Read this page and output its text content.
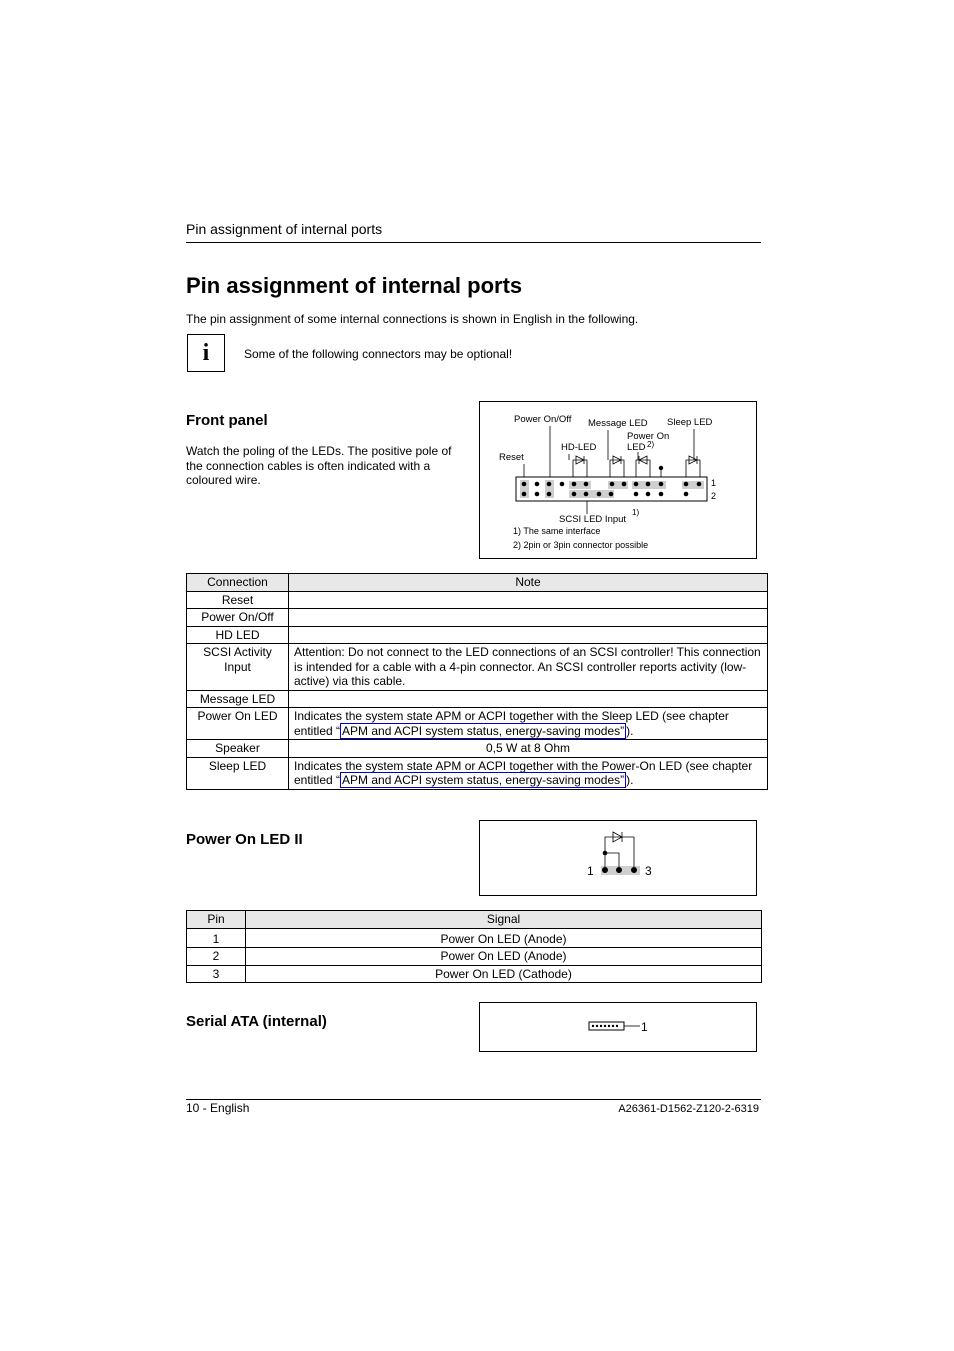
Pin assignment of internal ports
Pin assignment of internal ports
The pin assignment of some internal connections is shown in English in the following.
i	Some of the following connectors may be optional!
Front panel
Watch the poling of the LEDs. The positive pole of the connection cables is often indicated with a coloured wire.
Power On/Off Message LED Sleep LED
Power On
LED 2)
HD-LED
Reset
SCSI LED Input
1)
1
2
1) The same interface
2) 2pin or 3pin connector possible
Connection	Note
Reset	
Power On/Off	
HD LED	
SCSI Activity Input	Attention: Do not connect to the LED connections of an SCSI controller! This connection is intended for a cable with a 4-pin connector. An SCSI controller reports activity (low-active) via this cable.
Message LED	
Power On LED	Indicates the system state APM or ACPI together with the Sleep LED (see chapter entitled “ APM and ACPI system status, energy-saving modes” ).
Speaker	0,5 W at 8 Ohm
Sleep LED	Indicates the system state APM or ACPI together with the Power-On LED (see chapter entitled “ APM and ACPI system status, energy-saving modes” ).
Power On LED II
1	3
Pin	Signal
1	Power On LED (Anode)
2	Power On LED (Anode)
3	Power On LED (Cathode)
Serial ATA (internal)	1
10 - English	A26361-D1562-Z120-2-6319
